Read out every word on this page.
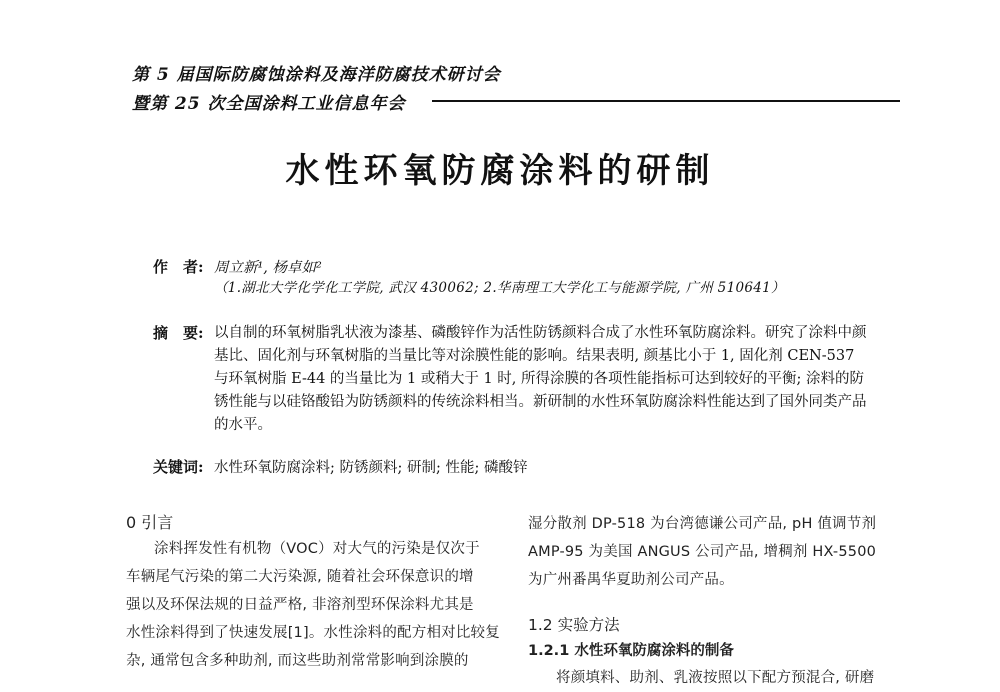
第 5 届国际防腐蚀涂料及海洋防腐技术研讨会
暨第 25 次全国涂料工业信息年会
水性环氧防腐涂料的研制
作　者: 周立新¹, 杨卓如²
（1.湖北大学化学化工学院, 武汉 430062; 2.华南理工大学化工与能源学院, 广州 510641）
摘　要: 以自制的环氧树脂乳状液为漆基、磷酸锌作为活性防锈颜料合成了水性环氧防腐涂料。研究了涂料中颜
基比、固化剂与环氧树脂的当量比等对涂膜性能的影响。结果表明, 颜基比小于 1, 固化剂 CEN-537
与环氧树脂 E-44 的当量比为 1 或稍大于 1 时, 所得涂膜的各项性能指标可达到较好的平衡; 涂料的防
锈性能与以硅铬酸铅为防锈颜料的传统涂料相当。新研制的水性环氧防腐涂料性能达到了国外同类产品
的水平。
关键词: 水性环氧防腐涂料; 防锈颜料; 研制; 性能; 磷酸锌
0 引言
涂料挥发性有机物（VOC）对大气的污染是仅次于
车辆尾气污染的第二大污染源, 随着社会环保意识的增
强以及环保法规的日益严格, 非溶剂型环保涂料尤其是
水性涂料得到了快速发展[1]。水性涂料的配方相对比较复
杂, 通常包含多种助剂, 而这些助剂常常影响到涂膜的
湿分散剂 DP-518 为台湾德谦公司产品, pH 值调节剂
AMP-95 为美国 ANGUS 公司产品, 增稠剂 HX-5500
为广州番禺华夏助剂公司产品。
1.2 实验方法
1.2.1 水性环氧防腐涂料的制备
将颜填料、助剂、乳液按照以下配方预混合, 研磨
